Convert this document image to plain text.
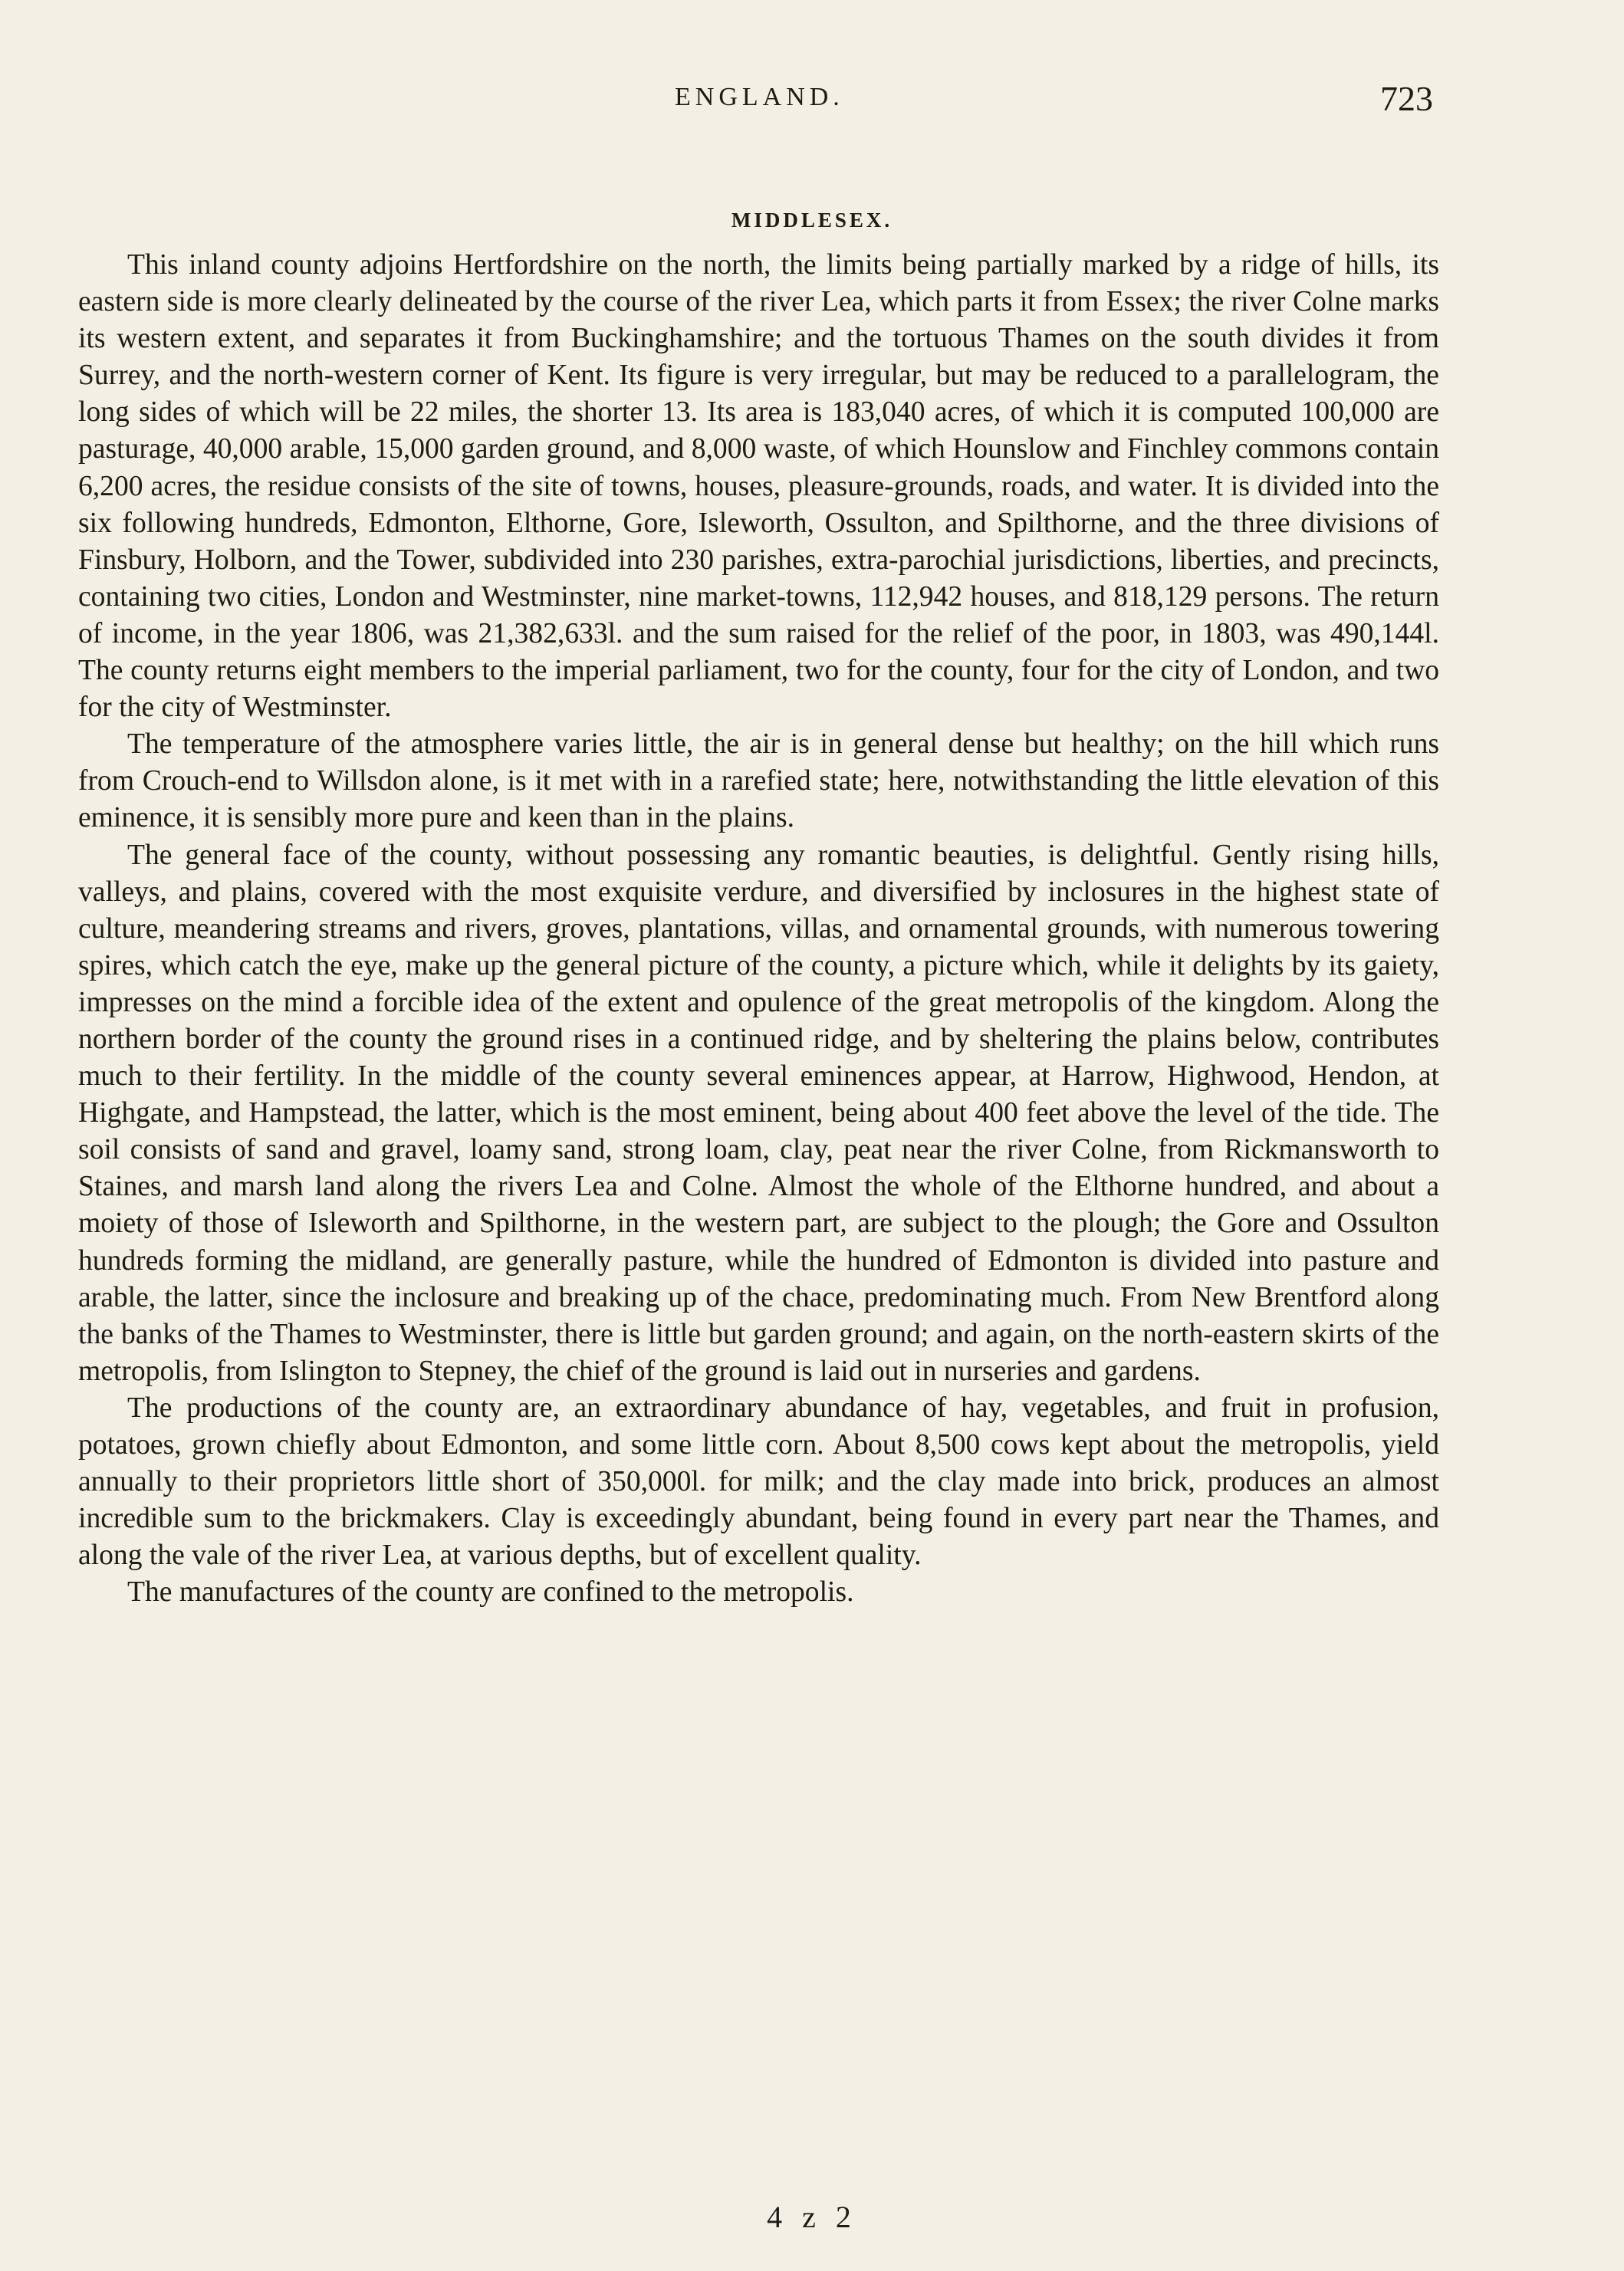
ENGLAND.	723
MIDDLESEX.

This inland county adjoins Hertfordshire on the north, the limits being partially marked by a ridge of hills, its eastern side is more clearly delineated by the course of the river Lea, which parts it from Essex; the river Colne marks its western extent, and separates it from Buckinghamshire; and the tortuous Thames on the south divides it from Surrey, and the north-western corner of Kent. Its figure is very irregular, but may be reduced to a parallelogram, the long sides of which will be 22 miles, the shorter 13. Its area is 183,040 acres, of which it is computed 100,000 are pasturage, 40,000 arable, 15,000 garden ground, and 8,000 waste, of which Hounslow and Finchley commons contain 6,200 acres, the residue consists of the site of towns, houses, pleasure-grounds, roads, and water. It is divided into the six following hundreds, Edmonton, Elthorne, Gore, Isleworth, Ossulton, and Spilthorne, and the three divisions of Finsbury, Holborn, and the Tower, subdivided into 230 parishes, extra-parochial jurisdictions, liberties, and precincts, containing two cities, London and Westminster, nine market-towns, 112,942 houses, and 818,129 persons. The return of income, in the year 1806, was 21,382,633l. and the sum raised for the relief of the poor, in 1803, was 490,144l. The county returns eight members to the imperial parliament, two for the county, four for the city of London, and two for the city of Westminster.

The temperature of the atmosphere varies little, the air is in general dense but healthy; on the hill which runs from Crouch-end to Willsdon alone, is it met with in a rarefied state; here, notwithstanding the little elevation of this eminence, it is sensibly more pure and keen than in the plains.

The general face of the county, without possessing any romantic beauties, is delightful. Gently rising hills, valleys, and plains, covered with the most exquisite verdure, and diversified by inclosures in the highest state of culture, meandering streams and rivers, groves, plantations, villas, and ornamental grounds, with numerous towering spires, which catch the eye, make up the general picture of the county, a picture which, while it delights by its gaiety, impresses on the mind a forcible idea of the extent and opulence of the great metropolis of the kingdom. Along the northern border of the county the ground rises in a continued ridge, and by sheltering the plains below, contributes much to their fertility. In the middle of the county several eminences appear, at Harrow, Highwood, Hendon, at Highgate, and Hampstead, the latter, which is the most eminent, being about 400 feet above the level of the tide. The soil consists of sand and gravel, loamy sand, strong loam, clay, peat near the river Colne, from Rickmansworth to Staines, and marsh land along the rivers Lea and Colne. Almost the whole of the Elthorne hundred, and about a moiety of those of Isleworth and Spilthorne, in the western part, are subject to the plough; the Gore and Ossulton hundreds forming the midland, are generally pasture, while the hundred of Edmonton is divided into pasture and arable, the latter, since the inclosure and breaking up of the chace, predominating much. From New Brentford along the banks of the Thames to Westminster, there is little but garden ground; and again, on the north-eastern skirts of the metropolis, from Islington to Stepney, the chief of the ground is laid out in nurseries and gardens.

The productions of the county are, an extraordinary abundance of hay, vegetables, and fruit in profusion, potatoes, grown chiefly about Edmonton, and some little corn. About 8,500 cows kept about the metropolis, yield annually to their proprietors little short of 350,000l. for milk; and the clay made into brick, produces an almost incredible sum to the brickmakers. Clay is exceedingly abundant, being found in every part near the Thames, and along the vale of the river Lea, at various depths, but of excellent quality.

The manufactures of the county are confined to the metropolis.

4 z 2
